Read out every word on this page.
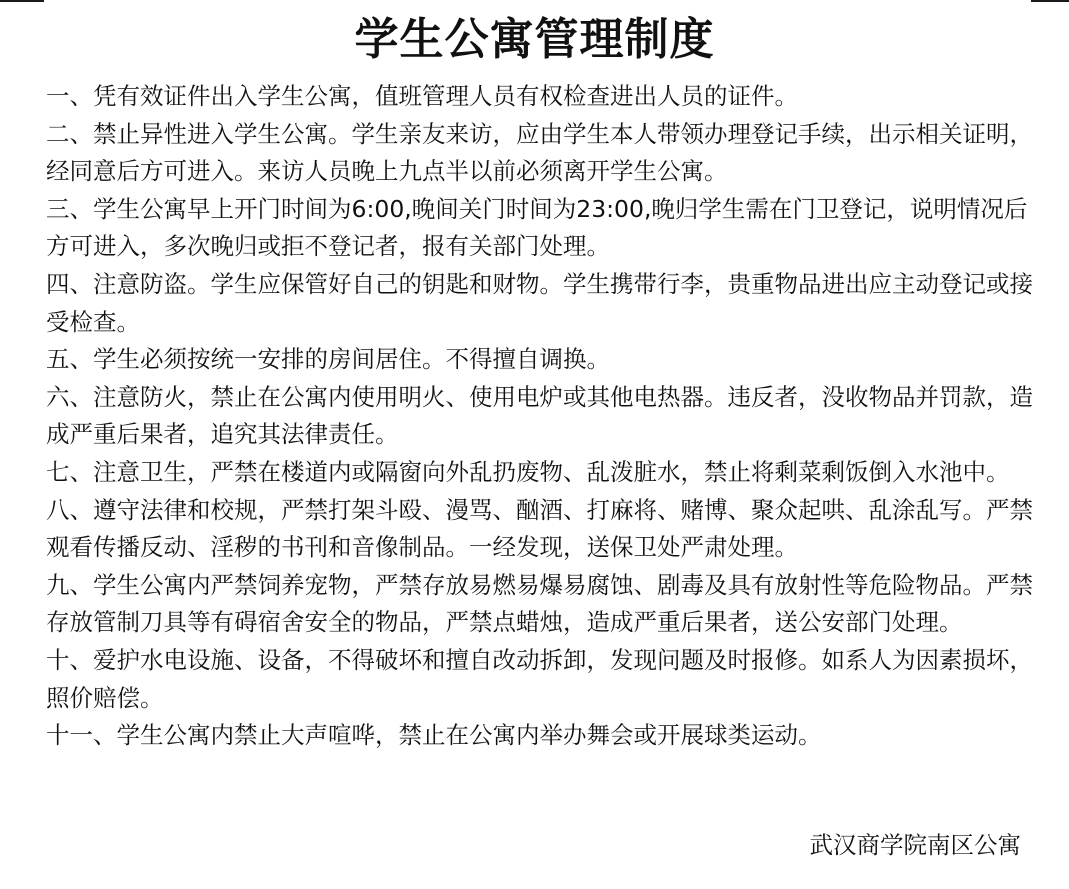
学生公寓管理制度
一、凭有效证件出入学生公寓，值班管理人员有权检查进出人员的证件。
二、禁止异性进入学生公寓。学生亲友来访，应由学生本人带领办理登记手续，出示相关证明，经同意后方可进入。来访人员晚上九点半以前必须离开学生公寓。
三、学生公寓早上开门时间为6:00,晚间关门时间为23:00,晚归学生需在门卫登记，说明情况后方可进入，多次晚归或拒不登记者，报有关部门处理。
四、注意防盗。学生应保管好自己的钥匙和财物。学生携带行李，贵重物品进出应主动登记或接受检查。
五、学生必须按统一安排的房间居住。不得擅自调换。
六、注意防火，禁止在公寓内使用明火、使用电炉或其他电热器。违反者，没收物品并罚款，造成严重后果者，追究其法律责任。
七、注意卫生，严禁在楼道内或隔窗向外乱扔废物、乱泼脏水，禁止将剩菜剩饭倒入水池中。
八、遵守法律和校规，严禁打架斗殴、漫骂、酗酒、打麻将、赌博、聚众起哄、乱涂乱写。严禁观看传播反动、淫秽的书刊和音像制品。一经发现，送保卫处严肃处理。
九、学生公寓内严禁饲养宠物，严禁存放易燃易爆易腐蚀、剧毒及具有放射性等危险物品。严禁存放管制刀具等有碍宿舍安全的物品，严禁点蜡烛，造成严重后果者，送公安部门处理。
十、爱护水电设施、设备，不得破坏和擅自改动拆卸，发现问题及时报修。如系人为因素损坏，照价赔偿。
十一、学生公寓内禁止大声喧哗，禁止在公寓内举办舞会或开展球类运动。
武汉商学院南区公寓
